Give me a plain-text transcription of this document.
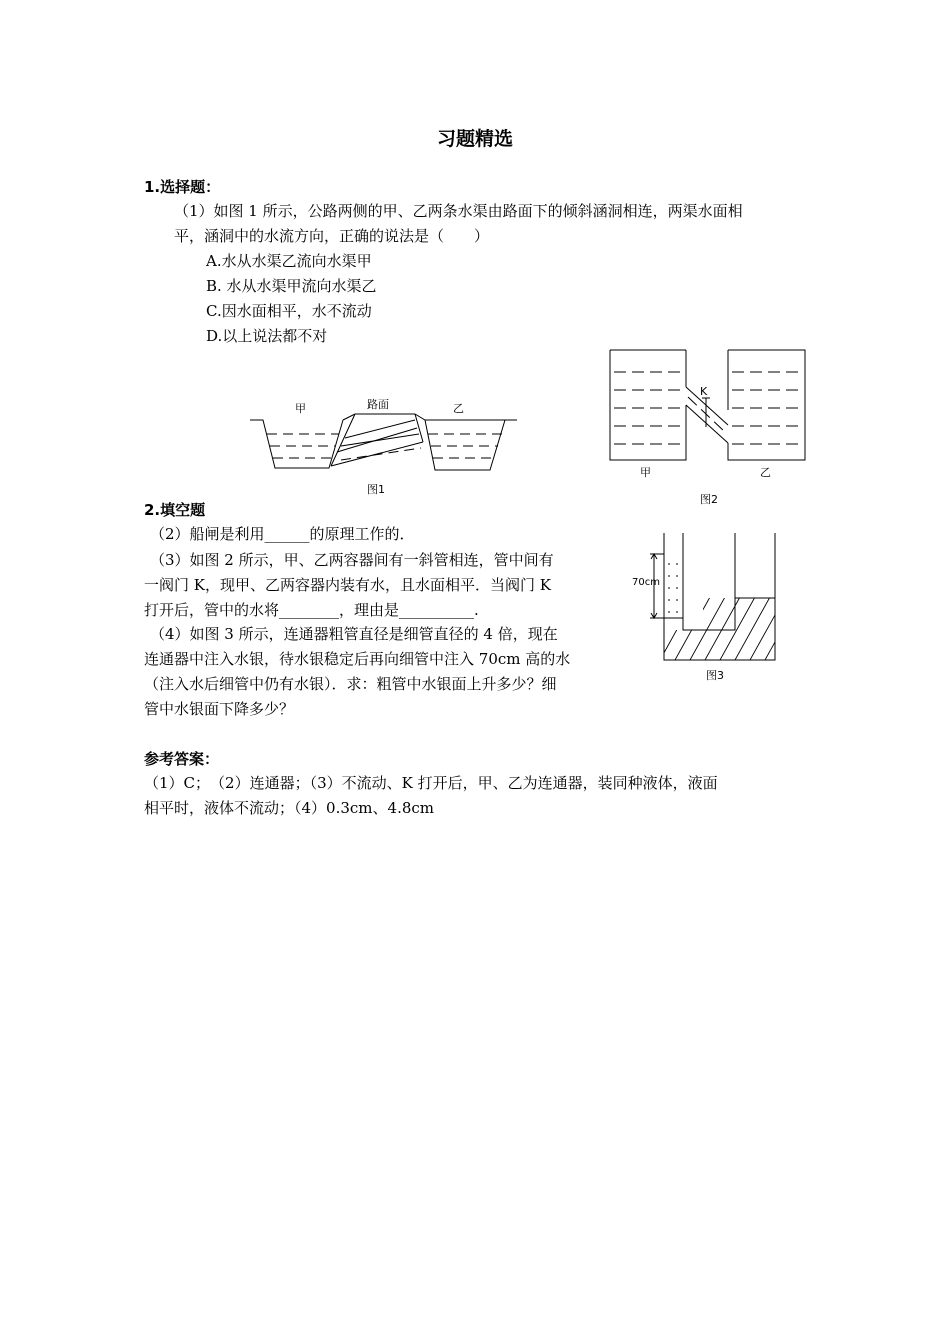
习题精选
1.选择题：
（1）如图 1 所示，公路两侧的甲、乙两条水渠由路面下的倾斜涵洞相连，两渠水面相
平，涵洞中的水流方向，正确的说法是（　　）
A.水从水渠乙流向水渠甲
B. 水从水渠甲流向水渠乙
C.因水面相平，水不流动
D.以上说法都不对
甲	路面	乙
图1
K
甲	乙
图2
2.填空题
（2）船闸是利用______的原理工作的．
（3）如图 2 所示，甲、乙两容器间有一斜管相连，管中间有
一阀门 K，现甲、乙两容器内装有水，且水面相平．当阀门 K
打开后，管中的水将________，理由是__________.
（4）如图 3 所示，连通器粗管直径是细管直径的 4 倍，现在
连通器中注入水银，待水银稳定后再向细管中注入 70cm 高的水
（注入水后细管中仍有水银）．求：粗管中水银面上升多少？细
管中水银面下降多少？
70cm
图3
参考答案：
（1）C；　（2）连通器；（3）不流动、K 打开后，甲、乙为连通器，装同种液体，液面
相平时，液体不流动；（4）0.3cm、4.8cm
